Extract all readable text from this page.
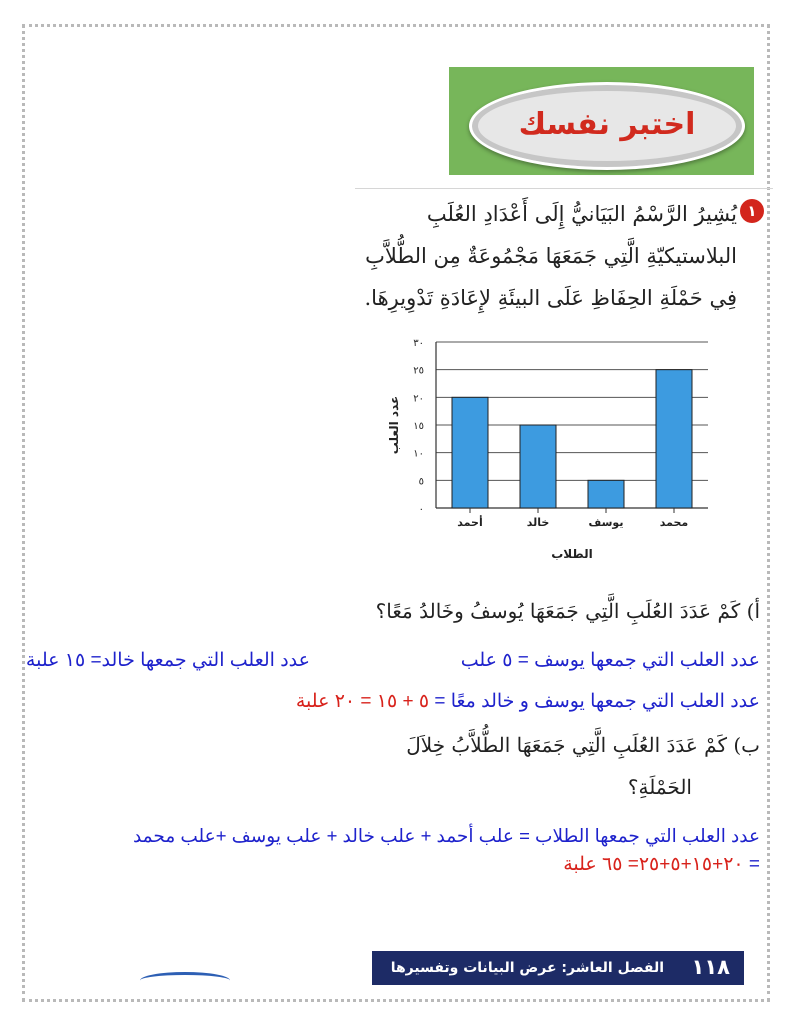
اختبر نفسك
١
يُشِيرُ الرَّسْمُ البَيَانيُّ إِلَى أَعْدَادِ العُلَبِ البلاستيكيّةِ الَّتِي جَمَعَهَا مَجْمُوعَةٌ مِن الطُّلاَّبِ فِي حَمْلَةِ الحِفَاظِ عَلَى البيئَةِ لإِعَادَةِ تَدْوِيرِهَا.
٠
٥
١٠
١٥
٢٠
٢٥
٣٠
أحمد	خالد	يوسف	محمد
الطلاب
عدد العلب
أ) كَمْ عَدَدَ العُلَبِ الَّتِي جَمَعَهَا يُوسفُ وخَالدُ مَعًا؟
عدد العلب التي جمعها خالد= ١٥ علبة	عدد العلب التي جمعها يوسف = ٥ علب
عدد العلب التي جمعها يوسف و خالد معًا = ٥ + ١٥ = ٢٠ علبة
ب) كَمْ عَدَدَ العُلَبِ الَّتِي جَمَعَهَا الطُّلاَّبُ خِلاَلَ
الحَمْلَةِ؟
عدد العلب التي جمعها الطلاب = علب أحمد + علب خالد + علب يوسف +علب محمد
= ٢٠+١٥+٥+٢٥= ٦٥ علبة
١١٨
الفصل العاشر: عرض البيانات وتفسيرها
